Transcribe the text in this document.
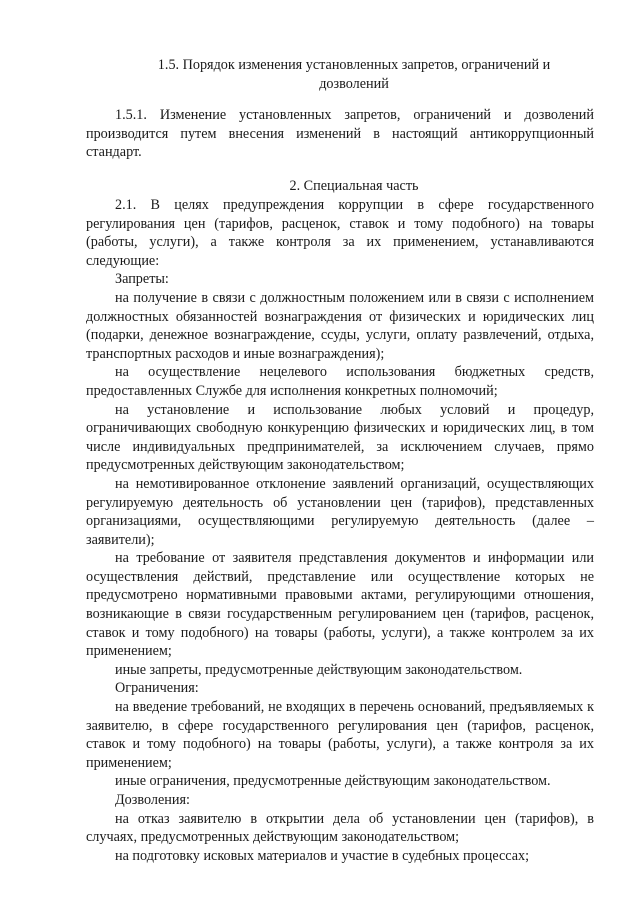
1.5. Порядок изменения установленных запретов, ограничений и
дозволений

1.5.1. Изменение установленных запретов, ограничений и дозволений производится путем внесения изменений в настоящий антикоррупционный стандарт.

2. Специальная часть

2.1. В целях предупреждения коррупции в сфере государственного регулирования цен (тарифов, расценок, ставок и тому подобного) на товары (работы, услуги), а также контроля за их применением, устанавливаются следующие:

Запреты:

на получение в связи с должностным положением или в связи с исполнением должностных обязанностей вознаграждения от физических и юридических лиц (подарки, денежное вознаграждение, ссуды, услуги, оплату развлечений, отдыха, транспортных расходов и иные вознаграждения);

на осуществление нецелевого использования бюджетных средств, предоставленных Службе для исполнения конкретных полномочий;

на установление и использование любых условий и процедур, ограничивающих свободную конкуренцию физических и юридических лиц, в том числе индивидуальных предпринимателей, за исключением случаев, прямо предусмотренных действующим законодательством;

на немотивированное отклонение заявлений организаций, осуществляющих регулируемую деятельность об установлении цен (тарифов), представленных организациями, осуществляющими регулируемую деятельность (далее – заявители);

на требование от заявителя представления документов и информации или осуществления действий, представление или осуществление которых не предусмотрено нормативными правовыми актами, регулирующими отношения, возникающие в связи государственным регулированием цен (тарифов, расценок, ставок и тому подобного) на товары (работы, услуги), а также контролем за их применением;

иные запреты, предусмотренные действующим законодательством.

Ограничения:

на введение требований, не входящих в перечень оснований, предъявляемых к заявителю, в сфере государственного регулирования цен (тарифов, расценок, ставок и тому подобного) на товары (работы, услуги), а также контроля за их применением;

иные ограничения, предусмотренные действующим законодательством.

Дозволения:

на отказ заявителю в открытии дела об установлении цен (тарифов), в случаях, предусмотренных действующим законодательством;

на подготовку исковых материалов и участие в судебных процессах;
